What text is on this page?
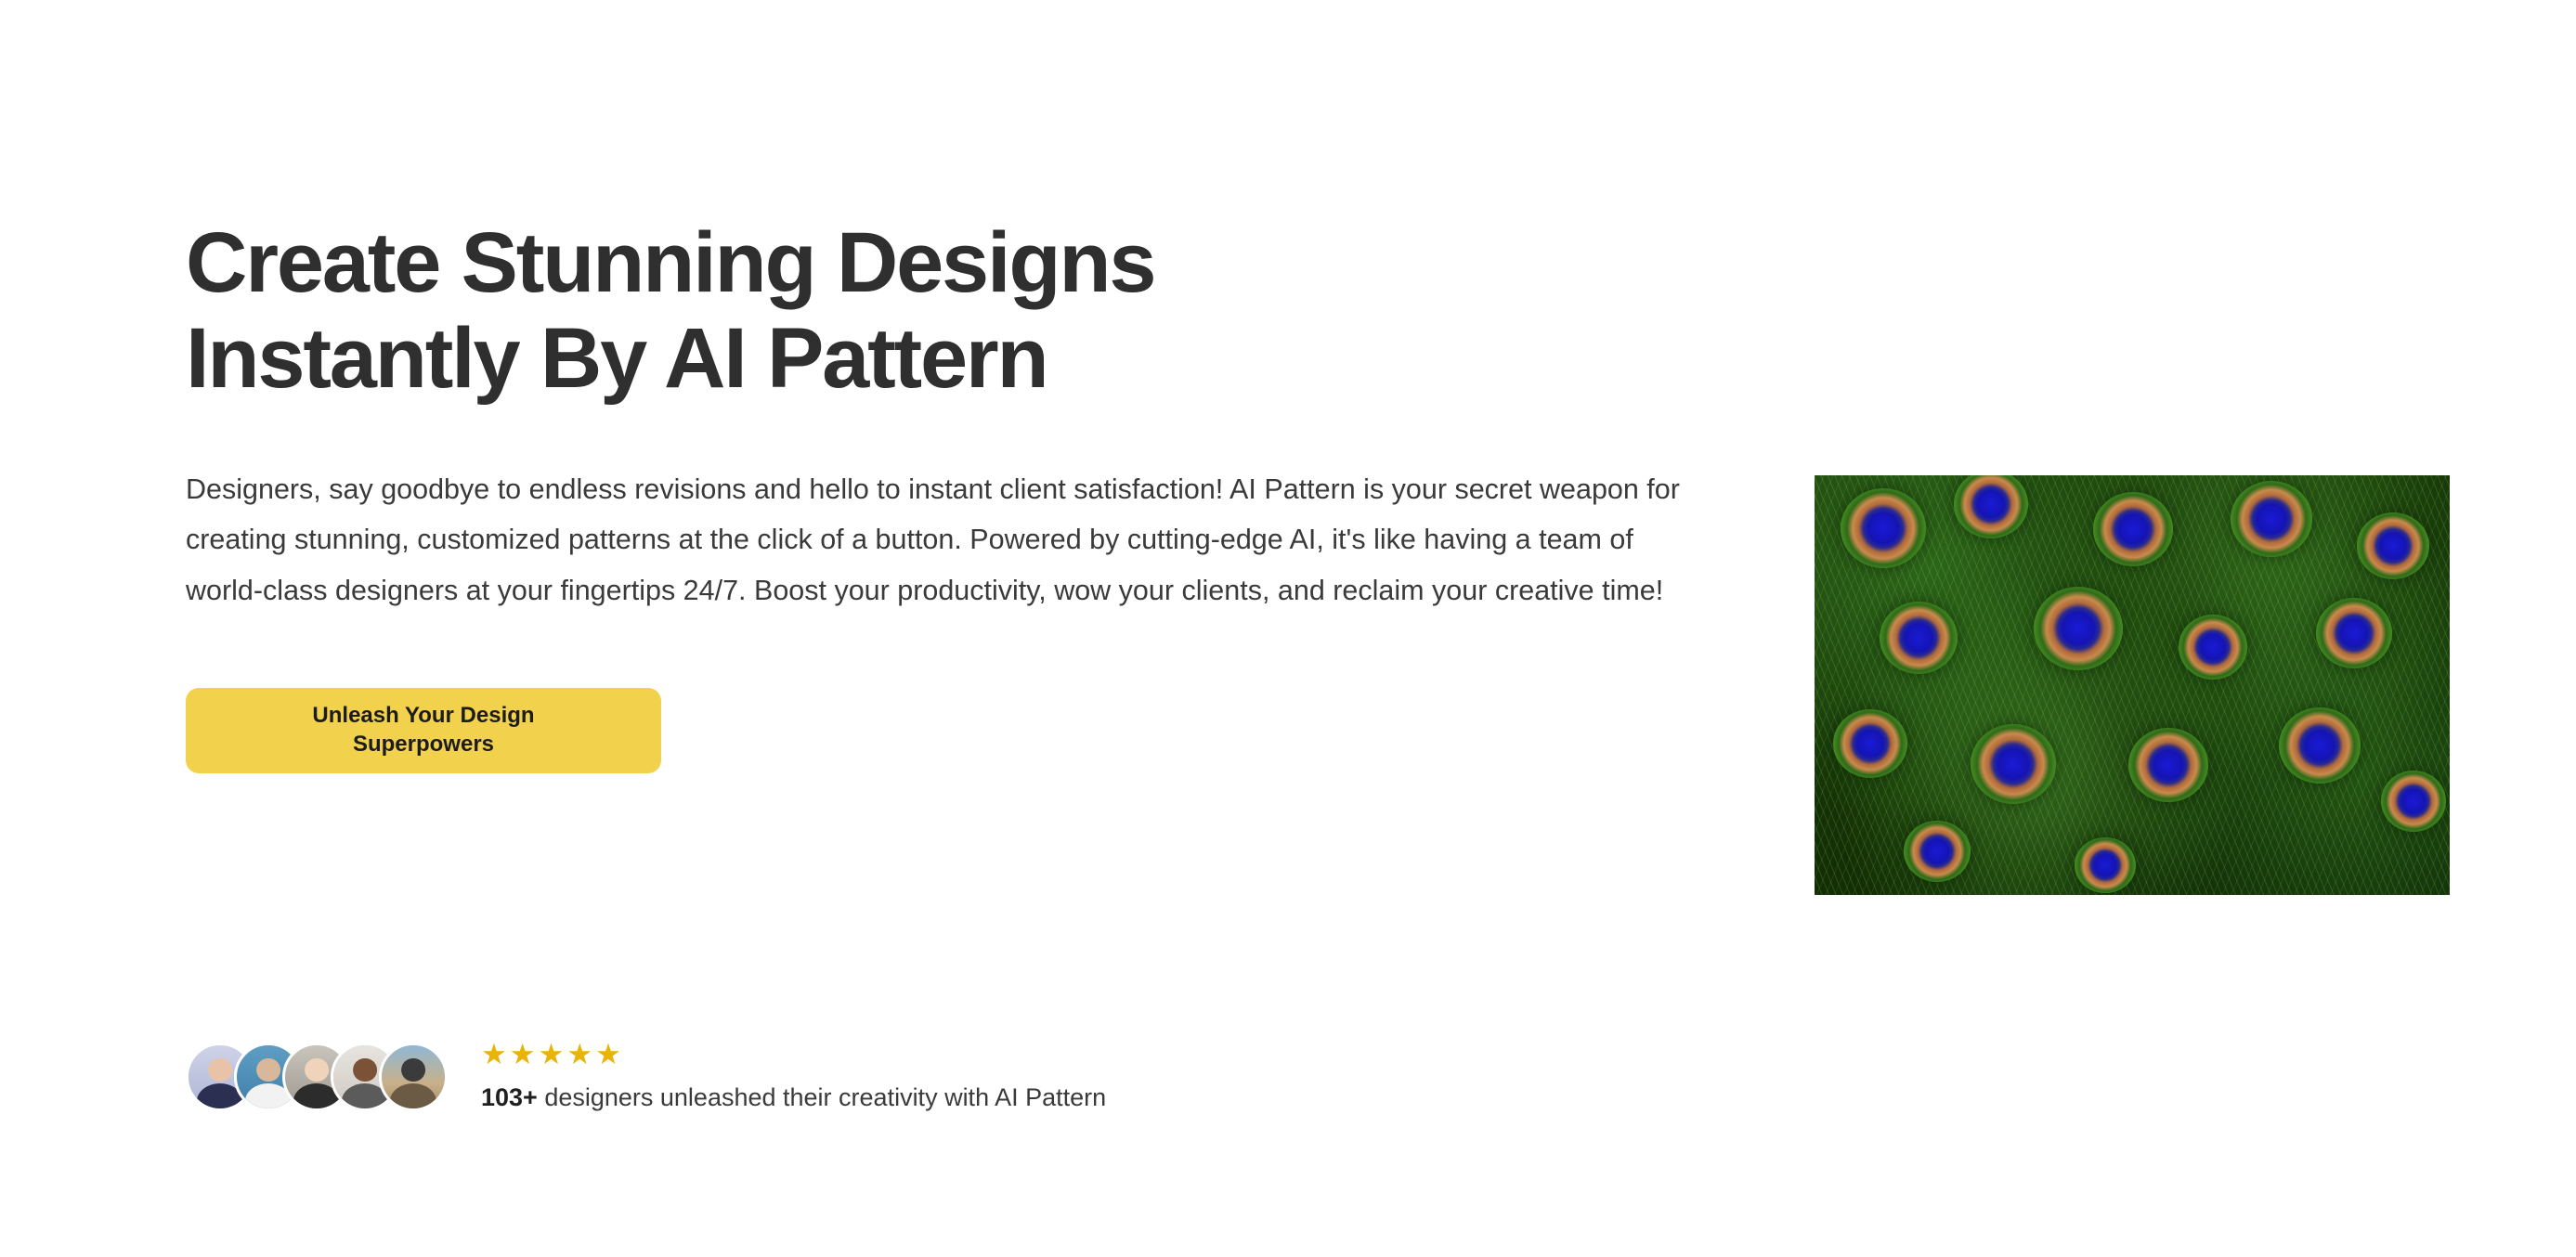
Create Stunning Designs
Instantly By AI Pattern

Designers, say goodbye to endless revisions and hello to instant client satisfaction! AI Pattern is your secret weapon for creating stunning, customized patterns at the click of a button. Powered by cutting-edge AI, it's like having a team of world-class designers at your fingertips 24/7. Boost your productivity, wow your clients, and reclaim your creative time!

Unleash Your Design
Superpowers
★★★★★
103+ designers unleashed their creativity with AI Pattern
